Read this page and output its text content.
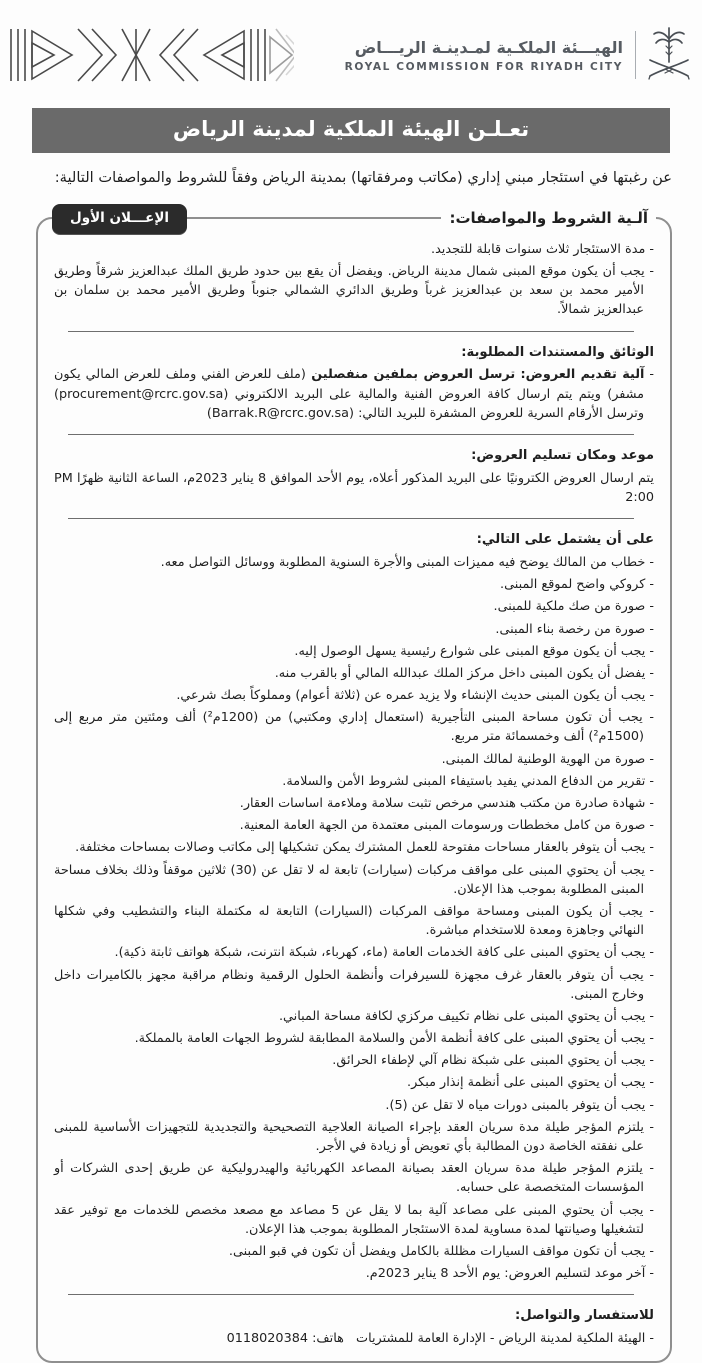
الهيـــئة الملكـية لمـدينـة الريـــاض
ROYAL COMMISSION FOR RIYADH CITY
تعـلـن الهيئة الملكية لمدينة الرياض

عن رغبتها في استئجار مبني إداري (مكاتب ومرفقاتها) بمدينة الرياض وفقاً للشروط والمواصفات التالية:

آلـية الشروط والمواصفات:
الإعـــلان الأول
- مدة الاستئجار ثلاث سنوات قابلة للتجديد.
- يجب أن يكون موقع المبنى شمال مدينة الرياض. ويفضل أن يقع بين حدود طريق الملك عبدالعزيز شرقاً وطريق الأمير محمد بن سعد بن عبدالعزيز غرباً وطريق الدائري الشمالي جنوباً وطريق الأمير محمد بن سلمان بن عبدالعزيز شمالاً.
الوثائق والمستندات المطلوبة:
- آلية تقديم العروض: ترسل العروض بملفين منفصلين (ملف للعرض الفني وملف للعرض المالي يكون مشفر) ويتم يتم ارسال كافة العروض الفنية والمالية على البريد الالكتروني (procurement@rcrc.gov.sa) وترسل الأرقام السرية للعروض المشفرة للبريد التالي: (Barrak.R@rcrc.gov.sa)
موعد ومكان تسليم العروض:
يتم ارسال العروض الكترونيًا على البريد المذكور أعلاه، يوم الأحد الموافق 8 يناير 2023م، الساعة الثانية ظهرًا PM 2:00
على أن يشتمل على التالي:
- خطاب من المالك يوضح فيه مميزات المبنى والأجرة السنوية المطلوبة ووسائل التواصل معه.
- كروكي واضح لموقع المبنى.
- صورة من صك ملكية للمبنى.
- صورة من رخصة بناء المبنى.
- يجب أن يكون موقع المبنى على شوارع رئيسية يسهل الوصول إليه.
- يفضل أن يكون المبنى داخل مركز الملك عبدالله المالي أو بالقرب منه.
- يجب أن يكون المبنى حديث الإنشاء ولا يزيد عمره عن (ثلاثة أعوام) ومملوكاً بصك شرعي.
- يجب أن تكون مساحة المبنى التأجيرية (استعمال إداري ومكتبي) من (1200م²) ألف ومئتين متر مربع إلى (1500م²) ألف وخمسمائة متر مربع.
- صورة من الهوية الوطنية لمالك المبنى.
- تقرير من الدفاع المدني يفيد باستيفاء المبنى لشروط الأمن والسلامة.
- شهادة صادرة من مكتب هندسي مرخص تثبت سلامة وملاءمة اساسات العقار.
- صورة من كامل مخططات ورسومات المبنى معتمدة من الجهة العامة المعنية.
- يجب أن يتوفر بالعقار مساحات مفتوحة للعمل المشترك يمكن تشكيلها إلى مكاتب وصالات بمساحات مختلفة.
- يجب أن يحتوي المبنى على مواقف مركبات (سيارات) تابعة له لا تقل عن (30) ثلاثين موقفاً وذلك بخلاف مساحة المبنى المطلوبة بموجب هذا الإعلان.
- يجب أن يكون المبنى ومساحة مواقف المركبات (السيارات) التابعة له مكتملة البناء والتشطيب وفي شكلها النهائي وجاهزة ومعدة للاستخدام مباشرة.
- يجب أن يحتوي المبنى على كافة الخدمات العامة (ماء، كهرباء، شبكة انترنت، شبكة هواتف ثابتة ذكية).
- يجب أن يتوفر بالعقار غرف مجهزة للسيرفرات وأنظمة الحلول الرقمية ونظام مراقبة مجهز بالكاميرات داخل وخارج المبنى.
- يجب أن يحتوي المبنى على نظام تكييف مركزي لكافة مساحة المباني.
- يجب أن يحتوي المبنى على كافة أنظمة الأمن والسلامة المطابقة لشروط الجهات العامة بالمملكة.
- يجب أن يحتوي المبنى على شبكة نظام آلي لإطفاء الحرائق.
- يجب أن يحتوي المبنى على أنظمة إنذار مبكر.
- يجب أن يتوفر بالمبنى دورات مياه لا تقل عن (5).
- يلتزم المؤجر طيلة مدة سريان العقد بإجراء الصيانة العلاجية التصحيحية والتجديدية للتجهيزات الأساسية للمبنى على نفقته الخاصة دون المطالبة بأي تعويض أو زيادة في الأجر.
- يلتزم المؤجر طيلة مدة سريان العقد بصيانة المصاعد الكهربائية والهيدروليكية عن طريق إحدى الشركات أو المؤسسات المتخصصة على حسابه.
- يجب أن يحتوي المبنى على مصاعد آلية بما لا يقل عن 5 مصاعد مع مصعد مخصص للخدمات مع توفير عقد لتشغيلها وصيانتها لمدة مساوية لمدة الاستئجار المطلوبة بموجب هذا الإعلان.
- يجب أن تكون مواقف السيارات مظللة بالكامل ويفضل أن تكون في قبو المبنى.
- آخر موعد لتسليم العروض: يوم الأحد 8 يناير 2023م.
للاستفسار والتواصل:
- الهيئة الملكية لمدينة الرياض - الإدارة العامة للمشتريات   هاتف: 0118020384
